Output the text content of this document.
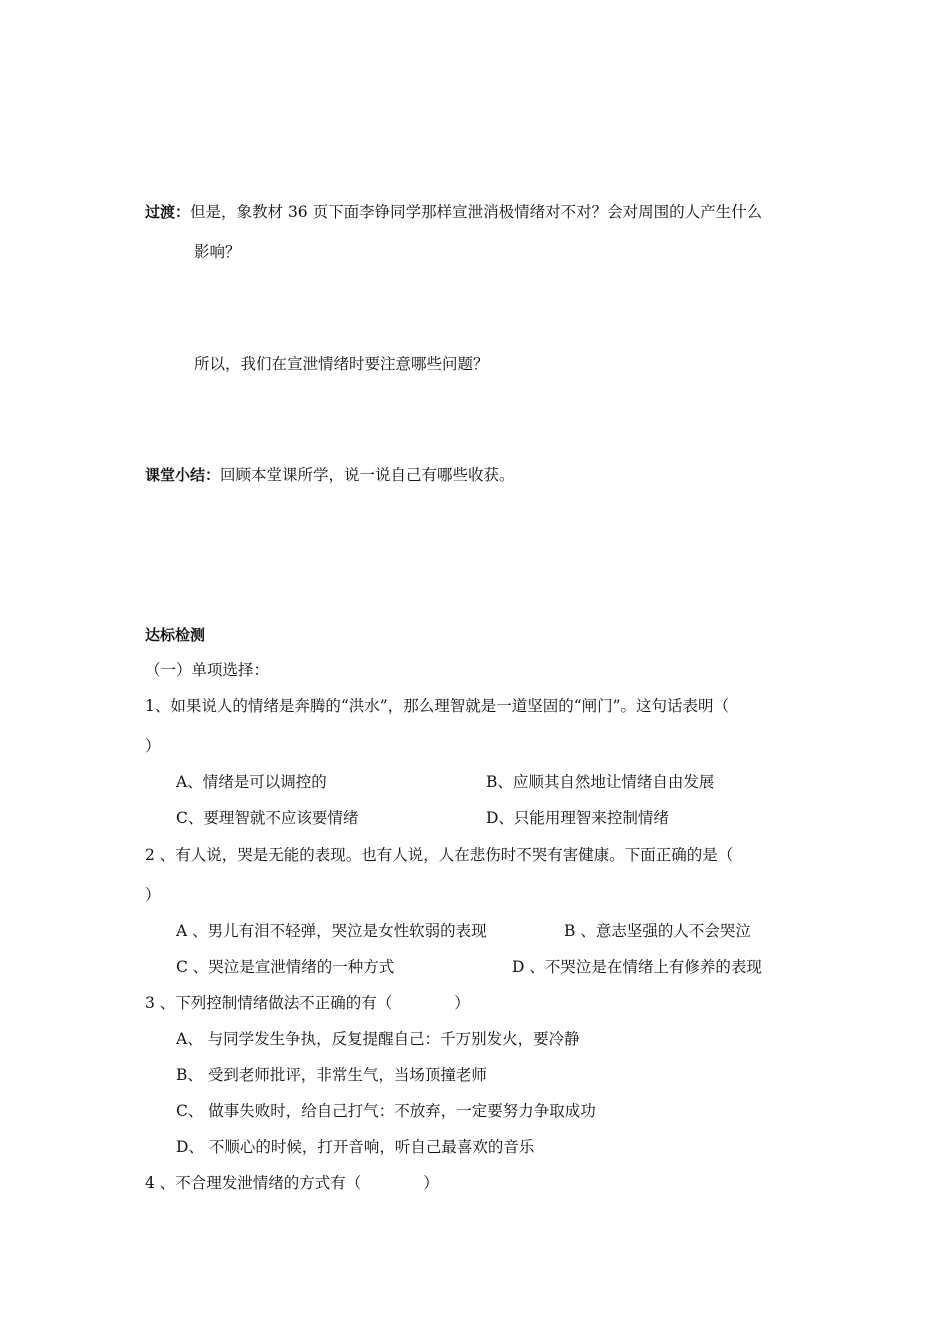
过渡：但是，象教材 36 页下面李铮同学那样宣泄消极情绪对不对？会对周围的人产生什么
影响？
所以，我们在宣泄情绪时要注意哪些问题？
课堂小结：回顾本堂课所学，说一说自己有哪些收获。
达标检测
（一）单项选择：
1、如果说人的情绪是奔腾的“洪水”，那么理智就是一道坚固的“闸门”。这句话表明（
）
A、情绪是可以调控的	B、应顺其自然地让情绪自由发展
C、要理智就不应该要情绪	D、只能用理智来控制情绪
2 、有人说，哭是无能的表现。也有人说，人在悲伤时不哭有害健康。下面正确的是（
）
A 、男儿有泪不轻弹，哭泣是女性软弱的表现	B 、意志坚强的人不会哭泣
C 、哭泣是宣泄情绪的一种方式	D 、不哭泣是在情绪上有修养的表现
3 、下列控制情绪做法不正确的有（　　　　）
A、 与同学发生争执，反复提醒自己：千万别发火，要冷静
B、 受到老师批评，非常生气，当场顶撞老师
C、 做事失败时，给自己打气：不放弃，一定要努力争取成功
D、 不顺心的时候，打开音响，听自己最喜欢的音乐
4 、不合理发泄情绪的方式有（　　　　）
